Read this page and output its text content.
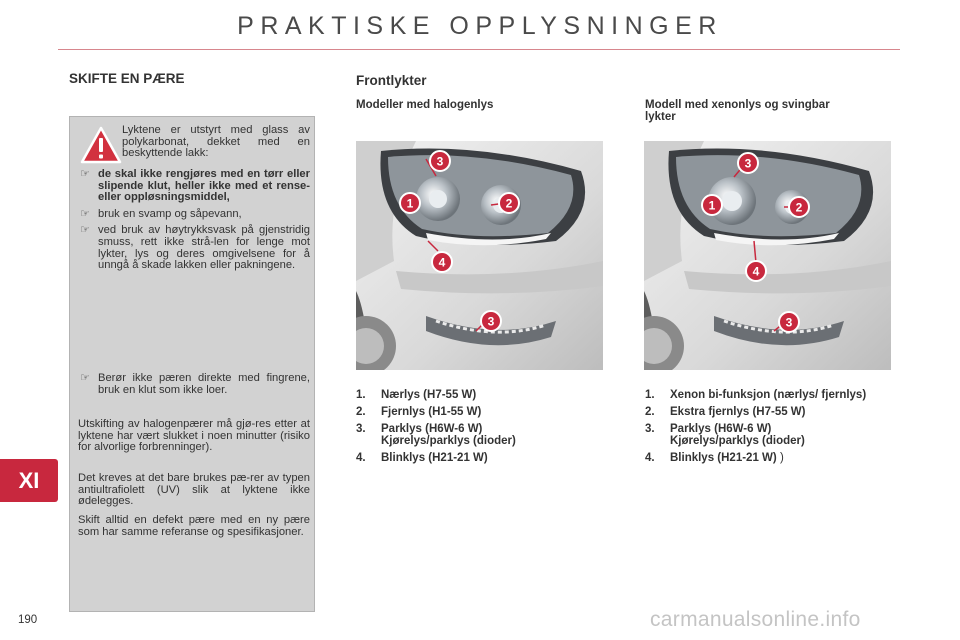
PRAKTISKE OPPLYSNINGER
SKIFTE EN PÆRE
Lyktene er utstyrt med glass av polykarbonat, dekket med en beskyttende lakk:
☞ de skal ikke rengjøres med en tørr eller slipende klut, heller ikke med et rense- eller oppløsningsmiddel,
☞ bruk en svamp og såpevann,
☞ ved bruk av høytrykksvask på gjenstridig smuss, rett ikke strå-len for lenge mot lykter, lys og deres omgivelsene for å unngå å skade lakken eller pakningene.
☞ Berør ikke pæren direkte med fingrene, bruk en klut som ikke loer.

Utskifting av halogenpærer må gjø-res etter at lyktene har vært slukket i noen minutter (risiko for alvorlige forbrenninger).

Det kreves at det bare brukes pæ-rer av typen antiultrafiolett (UV) slik at lyktene ikke ødelegges.

Skift alltid en defekt pære med en ny pære som har samme referanse og spesifikasjoner.

Frontlykter
Modeller med halogenlys	Modell med xenonlys og svingbar lykter
3
1	2
4
3
3
1	2
4
3
1. Nærlys (H7-55 W)
2. Fjernlys (H1-55 W)
3. Parklys (H6W-6 W)
Kjørelys/parklys (dioder)
4. Blinklys (H21-21 W)
1. Xenon bi-funksjon (nærlys/ fjernlys)
2. Ekstra fjernlys (H7-55 W)
3. Parklys (H6W-6 W)
Kjørelys/parklys (dioder)
4. Blinklys (H21-21 W) )
XI
190	carmanualsonline.info
